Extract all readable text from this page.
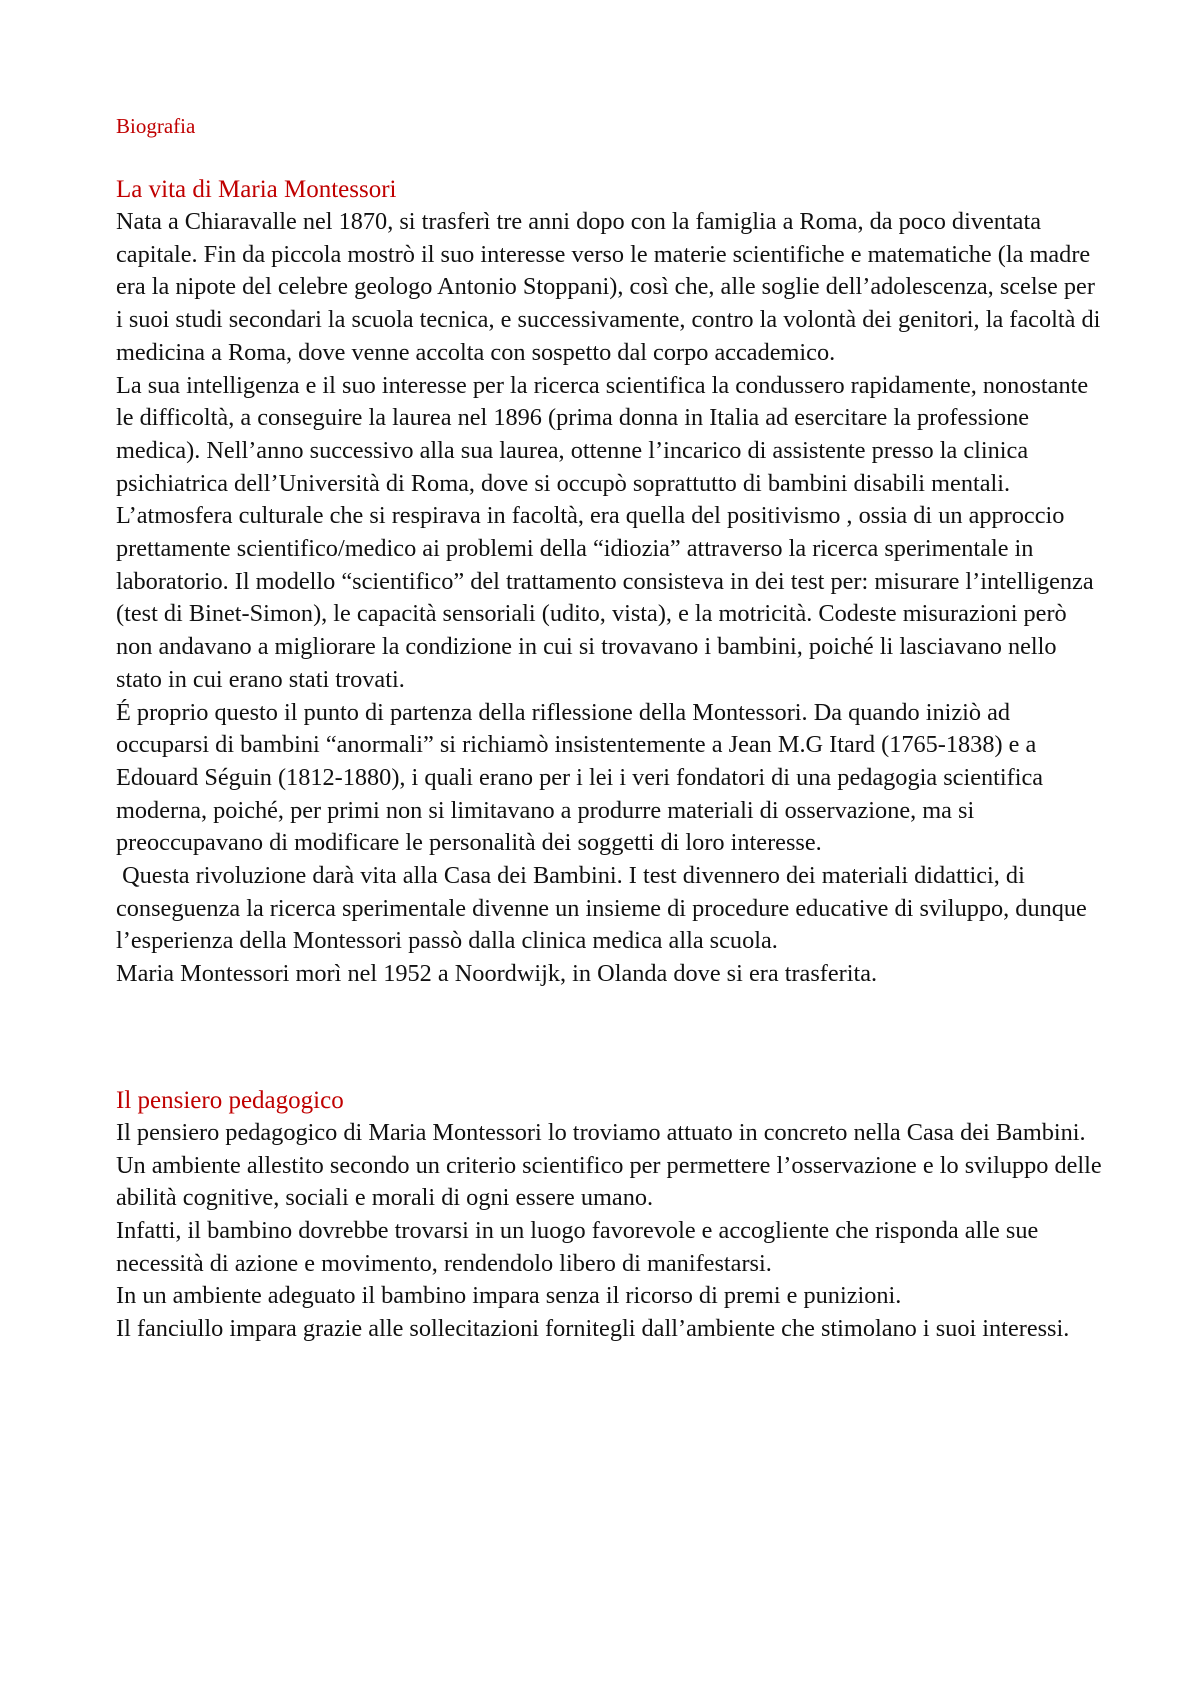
Biografia

La vita di Maria Montessori

Nata a Chiaravalle nel 1870, si trasferì tre anni dopo con la famiglia a Roma, da poco diventata capitale. Fin da piccola mostrò il suo interesse verso le materie scientifiche e matematiche (la madre era la nipote del celebre geologo Antonio Stoppani), così che, alle soglie dell’adolescenza, scelse per i suoi studi secondari la scuola tecnica, e successivamente, contro la volontà dei genitori, la facoltà di medicina a Roma, dove venne accolta con sospetto dal corpo accademico.

La sua intelligenza e il suo interesse per la ricerca scientifica la condussero rapidamente, nonostante le difficoltà, a conseguire la laurea nel 1896 (prima donna in Italia ad esercitare la professione medica). Nell’anno successivo alla sua laurea, ottenne l’incarico di assistente presso la clinica psichiatrica dell’Università di Roma, dove si occupò soprattutto di bambini disabili mentali.

L’atmosfera culturale che si respirava in facoltà, era quella del positivismo , ossia di un approccio prettamente scientifico/medico ai problemi della “idiozia” attraverso la ricerca sperimentale in laboratorio. Il modello “scientifico” del trattamento consisteva in dei test per: misurare l’intelligenza (test di Binet-Simon), le capacità sensoriali (udito, vista), e la motricità. Codeste misurazioni però non andavano a migliorare la condizione in cui si trovavano i bambini, poiché li lasciavano nello stato in cui erano stati trovati.

É proprio questo il punto di partenza della riflessione della Montessori. Da quando iniziò ad occuparsi di bambini “anormali” si richiamò insistentemente a Jean M.G Itard (1765-1838) e a Edouard Séguin (1812-1880), i quali erano per i lei i veri fondatori di una pedagogia scientifica moderna, poiché, per primi non si limitavano a produrre materiali di osservazione, ma si preoccupavano di modificare le personalità dei soggetti di loro interesse.

Questa rivoluzione darà vita alla Casa dei Bambini. I test divennero dei materiali didattici, di conseguenza la ricerca sperimentale divenne un insieme di procedure educative di sviluppo, dunque l’esperienza della Montessori passò dalla clinica medica alla scuola.

Maria Montessori morì nel 1952 a Noordwijk, in Olanda dove si era trasferita.

Il pensiero pedagogico

Il pensiero pedagogico di Maria Montessori lo troviamo attuato in concreto nella Casa dei Bambini.

Un ambiente allestito secondo un criterio scientifico per permettere l’osservazione e lo sviluppo delle abilità cognitive, sociali e morali di ogni essere umano.

Infatti, il bambino dovrebbe trovarsi in un luogo favorevole e accogliente che risponda alle sue necessità di azione e movimento, rendendolo libero di manifestarsi.

In un ambiente adeguato il bambino impara senza il ricorso di premi e punizioni.

Il fanciullo impara grazie alle sollecitazioni fornitegli dall’ambiente che stimolano i suoi interessi.
